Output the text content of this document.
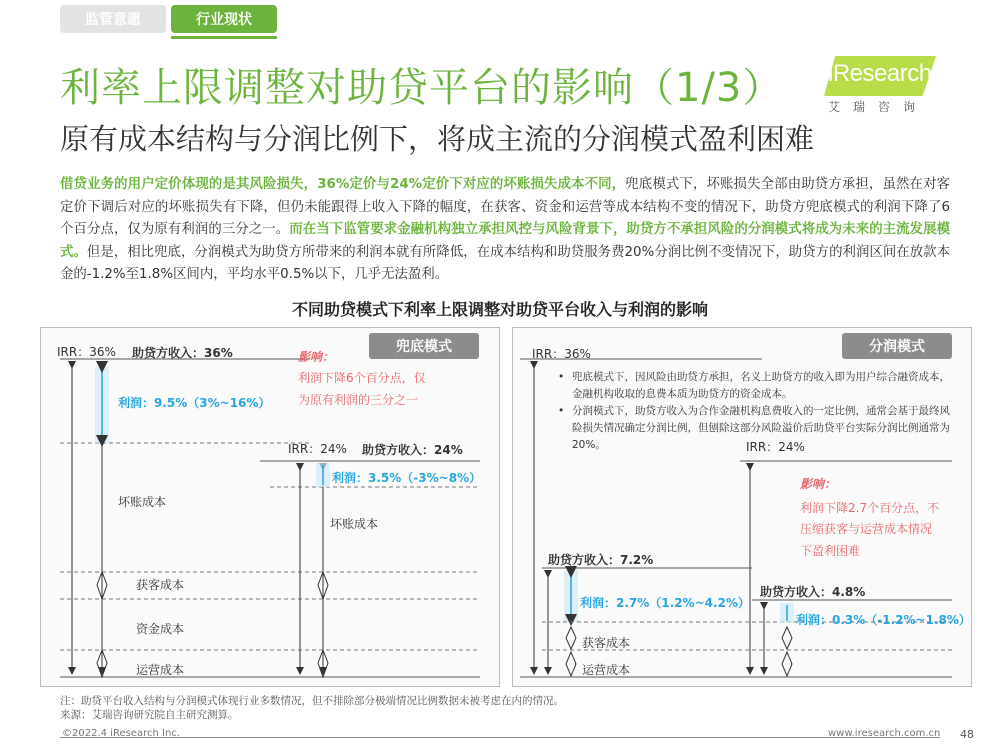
监管意愿	行业现状
利率上限调整对助贷平台的影响（1/3）
原有成本结构与分润比例下，将成主流的分润模式盈利困难
iResearch
艾瑞咨询
借贷业务的用户定价体现的是其风险损失，36%定价与24%定价下对应的坏账损失成本不同，兜底模式下，坏账损失全部由助贷方承担，虽然在对客定价下调后对应的坏账损失有下降，但仍未能跟得上收入下降的幅度，在获客、资金和运营等成本结构不变的情况下，助贷方兜底模式的利润下降了6个百分点，仅为原有利润的三分之一。而在当下监管要求金融机构独立承担风控与风险背景下，助贷方不承担风险的分润模式将成为未来的主流发展模式。但是，相比兜底，分润模式为助贷方所带来的利润本就有所降低，在成本结构和助贷服务费20%分润比例不变情况下，助贷方的利润区间在放款本金的-1.2%至1.8%区间内，平均水平0.5%以下，几乎无法盈利。
不同助贷模式下利率上限调整对助贷平台收入与利润的影响
兜底模式
IRR：36% 助贷方收入：36%
利润：9.5%（3%~16%）
影响：
利润下降6个百分点，仅
为原有利润的三分之一
IRR：24% 助贷方收入：24%
利润：3.5%（-3%~8%）
坏账成本
坏账成本
获客成本
资金成本
运营成本
分润模式
IRR：36%
• 兜底模式下，因风险由助贷方承担，名义上助贷方的收入即为用户综合融资成本，金融机构收取的息费本质为助贷方的资金成本。
• 分润模式下，助贷方收入为合作金融机构息费收入的一定比例，通常会基于最终风险损失情况确定分润比例，但刨除这部分风险溢价后助贷平台实际分润比例通常为20%。	IRR：24%
影响：
利润下降2.7个百分点，不
压缩获客与运营成本情况
下盈利困难
助贷方收入：7.2%
利润：2.7%（1.2%~4.2%）
助贷方收入：4.8%
利润：0.3%（-1.2%~1.8%）
获客成本
运营成本
注：助贷平台收入结构与分润模式体现行业多数情况，但不排除部分极端情况比例数据未被考虑在内的情况。
来源：艾瑞咨询研究院自主研究测算。
©2022.4 iResearch Inc.	www.iresearch.com.cn 48
